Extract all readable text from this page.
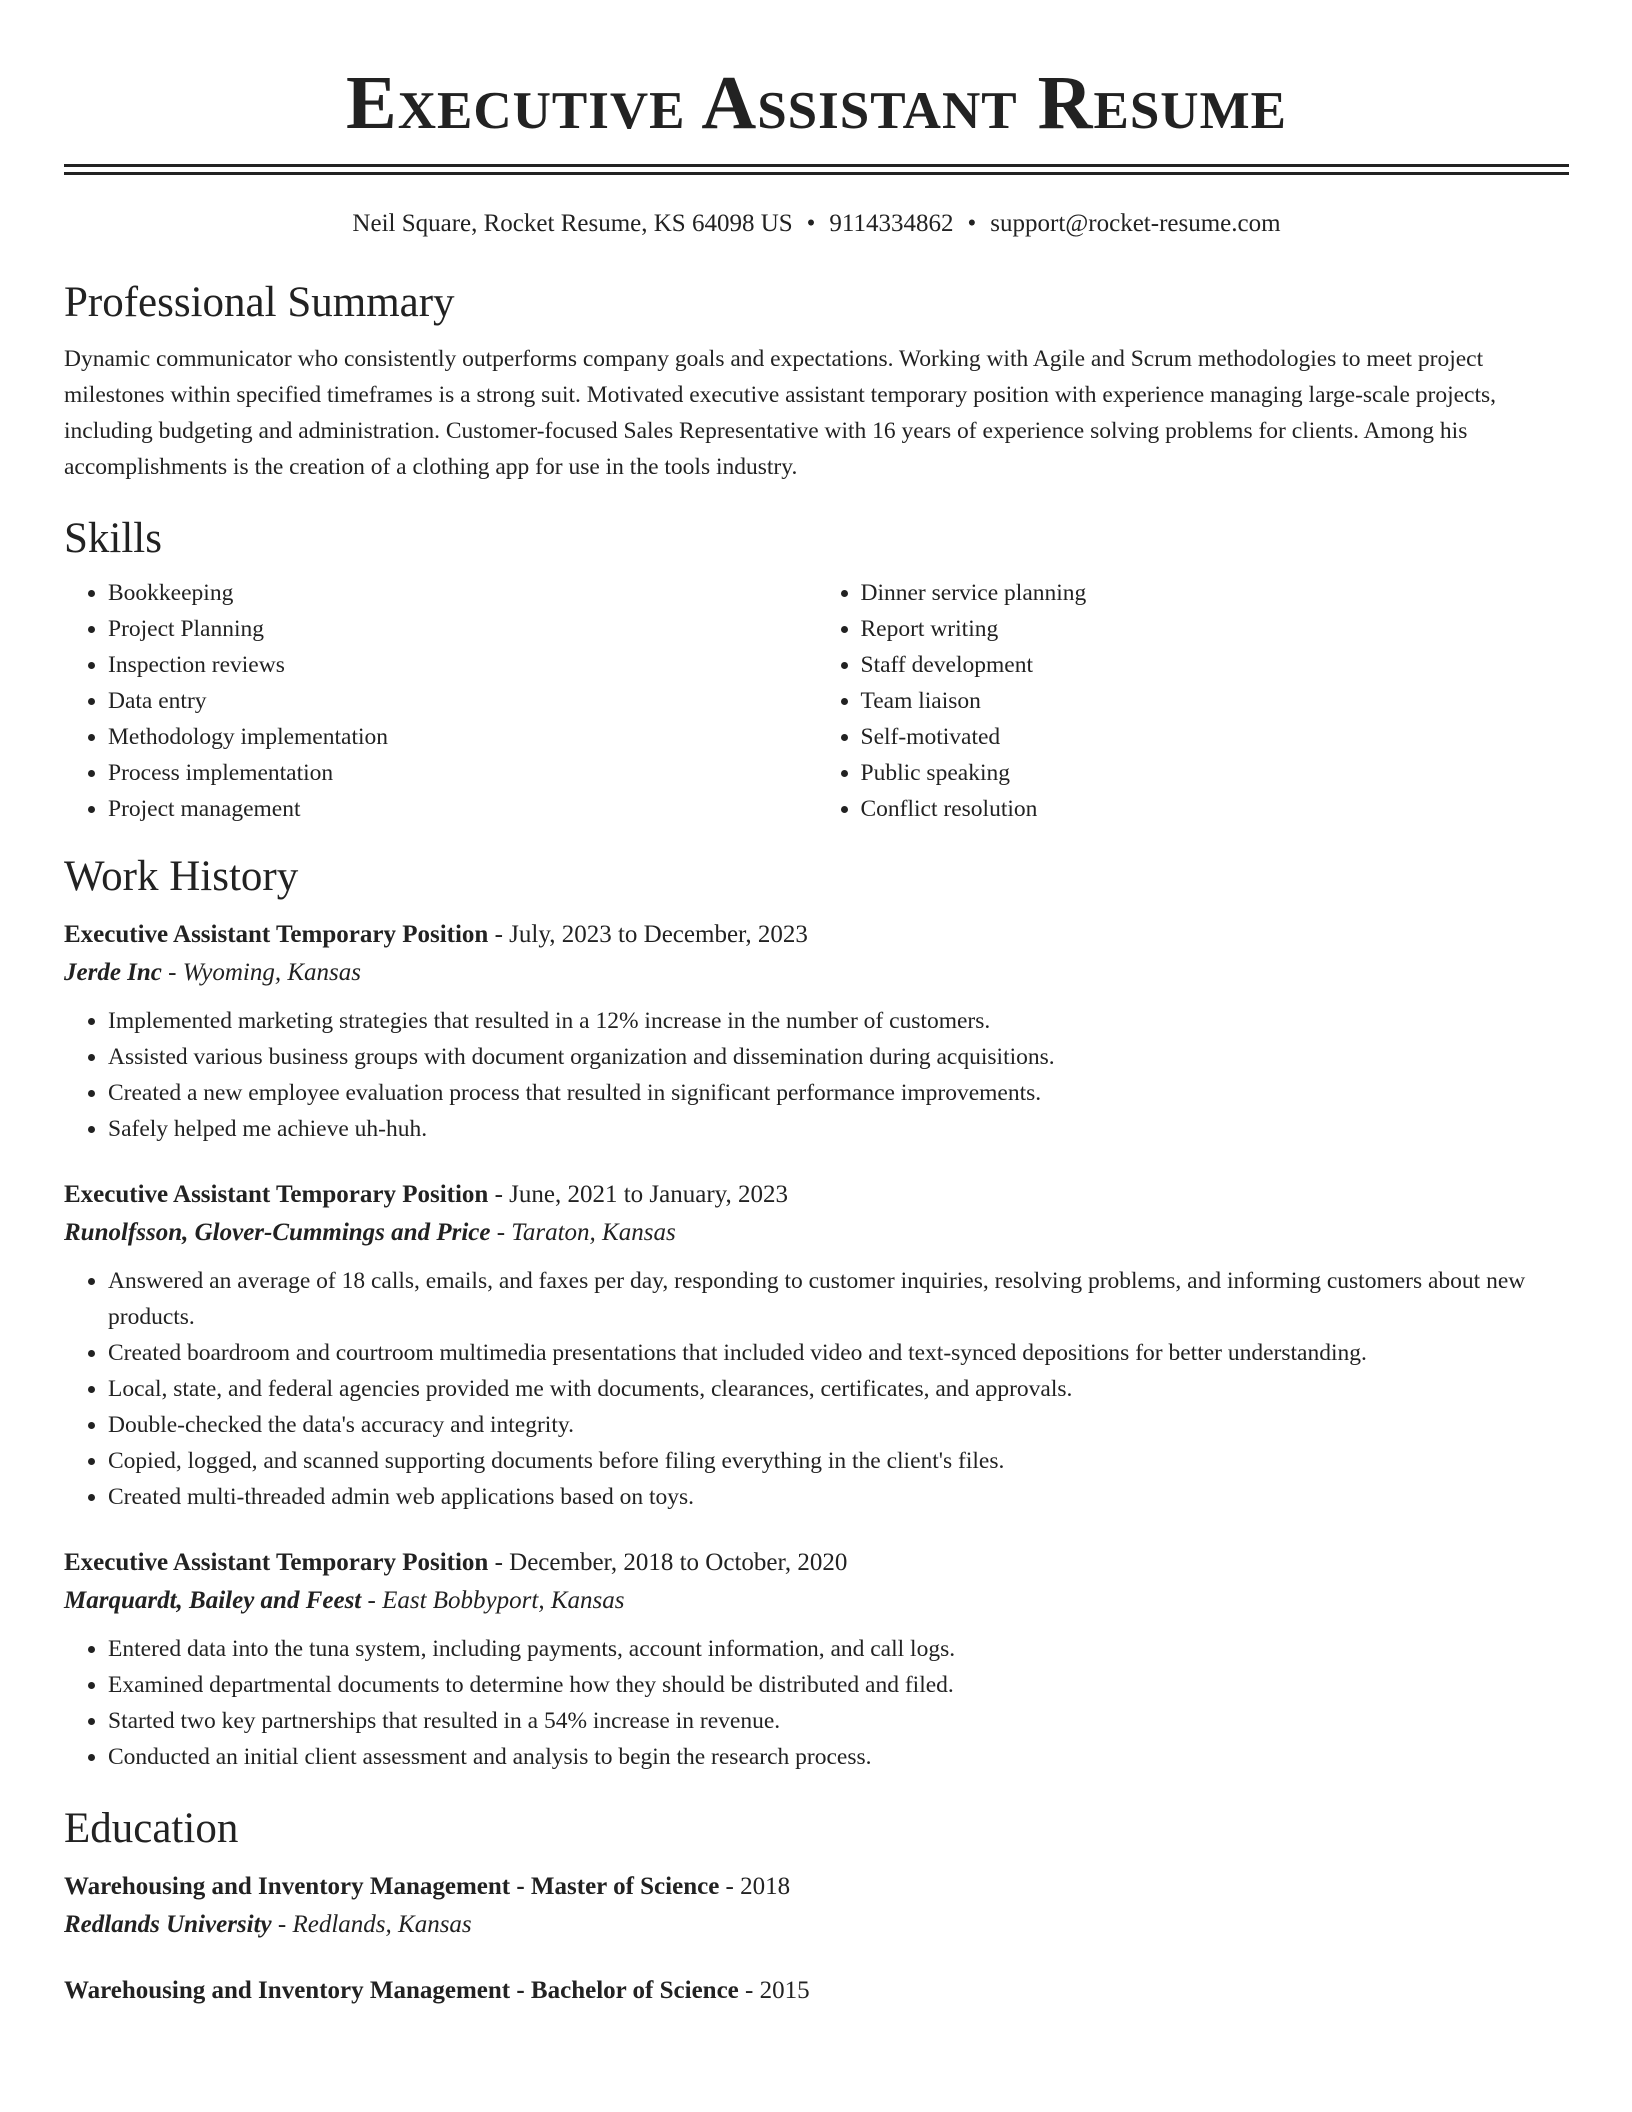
Executive Assistant Resume
Neil Square, Rocket Resume, KS 64098 US • 9114334862 • support@rocket-resume.com
Professional Summary

Dynamic communicator who consistently outperforms company goals and expectations. Working with Agile and Scrum methodologies to meet project milestones within specified timeframes is a strong suit. Motivated executive assistant temporary position with experience managing large-scale projects, including budgeting and administration. Customer-focused Sales Representative with 16 years of experience solving problems for clients. Among his accomplishments is the creation of a clothing app for use in the tools industry.

Skills
• Bookkeeping
• Project Planning
• Inspection reviews
• Data entry
• Methodology implementation
• Process implementation
• Project management
• Dinner service planning
• Report writing
• Staff development
• Team liaison
• Self-motivated
• Public speaking
• Conflict resolution
Work History
Executive Assistant Temporary Position - July, 2023 to December, 2023
Jerde Inc - Wyoming, Kansas
• Implemented marketing strategies that resulted in a 12% increase in the number of customers.
• Assisted various business groups with document organization and dissemination during acquisitions.
• Created a new employee evaluation process that resulted in significant performance improvements.
• Safely helped me achieve uh-huh.
Executive Assistant Temporary Position - June, 2021 to January, 2023
Runolfsson, Glover-Cummings and Price - Taraton, Kansas
• Answered an average of 18 calls, emails, and faxes per day, responding to customer inquiries, resolving problems, and informing customers about new products.
• Created boardroom and courtroom multimedia presentations that included video and text-synced depositions for better understanding.
• Local, state, and federal agencies provided me with documents, clearances, certificates, and approvals.
• Double-checked the data's accuracy and integrity.
• Copied, logged, and scanned supporting documents before filing everything in the client's files.
• Created multi-threaded admin web applications based on toys.
Executive Assistant Temporary Position - December, 2018 to October, 2020
Marquardt, Bailey and Feest - East Bobbyport, Kansas
• Entered data into the tuna system, including payments, account information, and call logs.
• Examined departmental documents to determine how they should be distributed and filed.
• Started two key partnerships that resulted in a 54% increase in revenue.
• Conducted an initial client assessment and analysis to begin the research process.
Education
Warehousing and Inventory Management - Master of Science - 2018
Redlands University - Redlands, Kansas
Warehousing and Inventory Management - Bachelor of Science - 2015
